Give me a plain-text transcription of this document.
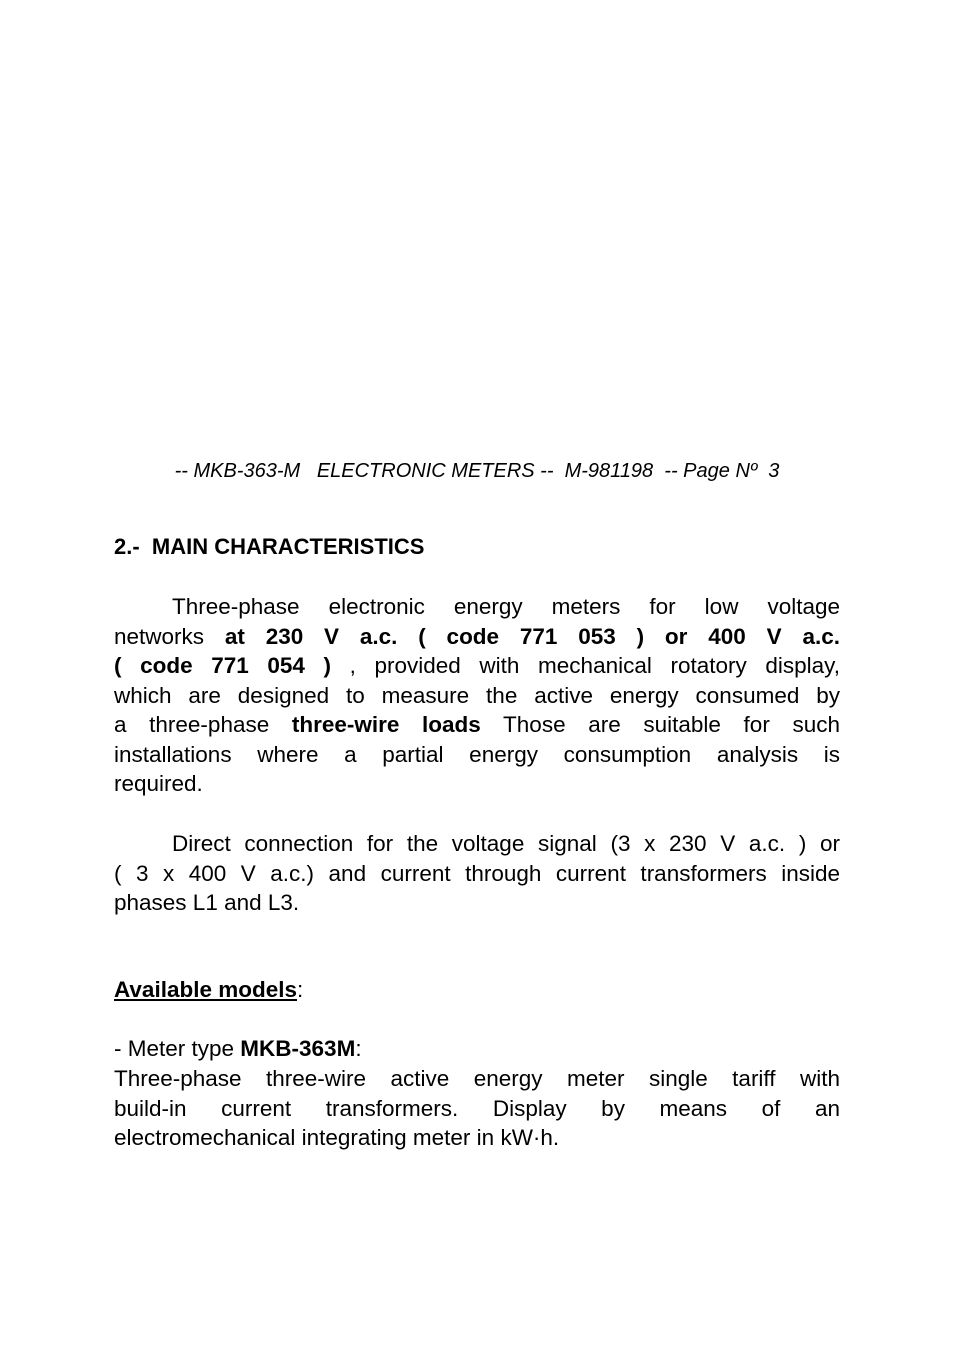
-- MKB-363-M   ELECTRONIC METERS --  M-981198  -- Page Nº  3
2.-  MAIN CHARACTERISTICS
Three-phase electronic energy meters for low voltage
networks at 230 V a.c. ( code 771 053 ) or 400 V a.c.
( code 771 054 ) , provided with mechanical rotatory display,
which are designed to measure the active energy consumed by
a three-phase three-wire loads Those are suitable for such
installations where a partial energy consumption analysis is
required.
Direct connection for the voltage signal (3 x 230 V a.c. ) or
( 3 x 400 V a.c.) and current through current transformers inside
phases L1 and L3.
Available models:
- Meter type MKB-363M:
Three-phase three-wire active energy meter single tariff with
build-in current transformers. Display by means of an
electromechanical integrating meter in kW·h.
